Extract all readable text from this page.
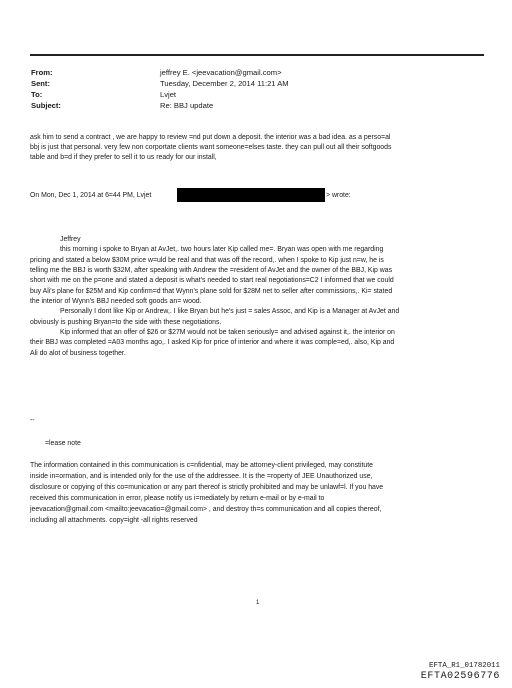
From:	jeffrey E. <jeevacation@gmail.com>
Sent:	Tuesday, December 2, 2014 11:21 AM
To:	Lvjet
Subject:	Re: BBJ update
ask him to send a contract , we are happy to review =nd put down a deposit. the interior was a bad idea. as a perso=al
bbj is just that personal. very few non corportate clients want someone=elses taste. they can pull out all their softgoods
table and b=d if they prefer to sell it to us ready for our install,
On Mon, Dec 1, 2014 at 6=44 PM, Lvjet	> wrote:
Jeffrey
this morning i spoke to Bryan at AvJet,. two hours later Kip called me=. Bryan was open with me regarding
pricing and stated a below $30M price w=uld be real and that was off the record,. when I spoke to Kip just n=w, he is
telling me the BBJ is worth $32M, after speaking with Andrew the =resident of AvJet and the owner of the BBJ, Kip was
short with me on the p=one and stated a deposit is what's needed to start real negotiations=C2 I informed that we could
buy Ali's plane for $25M and Kip confirm=d that Wynn's plane sold for $28M net to seller after commissions,. Ki= stated
the interior of Wynn's BBJ needed soft goods an= wood.
Personally I dont like Kip or Andrew,. I like Bryan but he's just = sales Assoc, and Kip is a Manager at AvJet and
obviously is pushing Bryan=to the side with these negotiations.
Kip informed that an offer of $26 or $27M would not be taken seriously= and advised against it,. the interior on
their BBJ was completed =A03 months ago,. I asked Kip for price of interior and where it was comple=ed,. also, Kip and
Ali do alot of business together.
--
=lease note
The information contained in this communication is c=nfidential, may be attorney-client privileged, may constitute
inside in=ormation, and is intended only for the use of the addressee. It is the =roperty of JEE Unauthorized use,
disclosure or copying of this co=munication or any part thereof is strictly prohibited and may be unlawf=l. If you have
received this communication in error, please notify us i=mediately by return e-mail or by e-mail to
jeevacation@gmail.com <mailto:jeevacatio=@gmail.com> , and destroy th=s communication and all copies thereof,
including all attachments. copy=ight -all rights reserved
1
EFTA_R1_01782011
EFTA02596776
